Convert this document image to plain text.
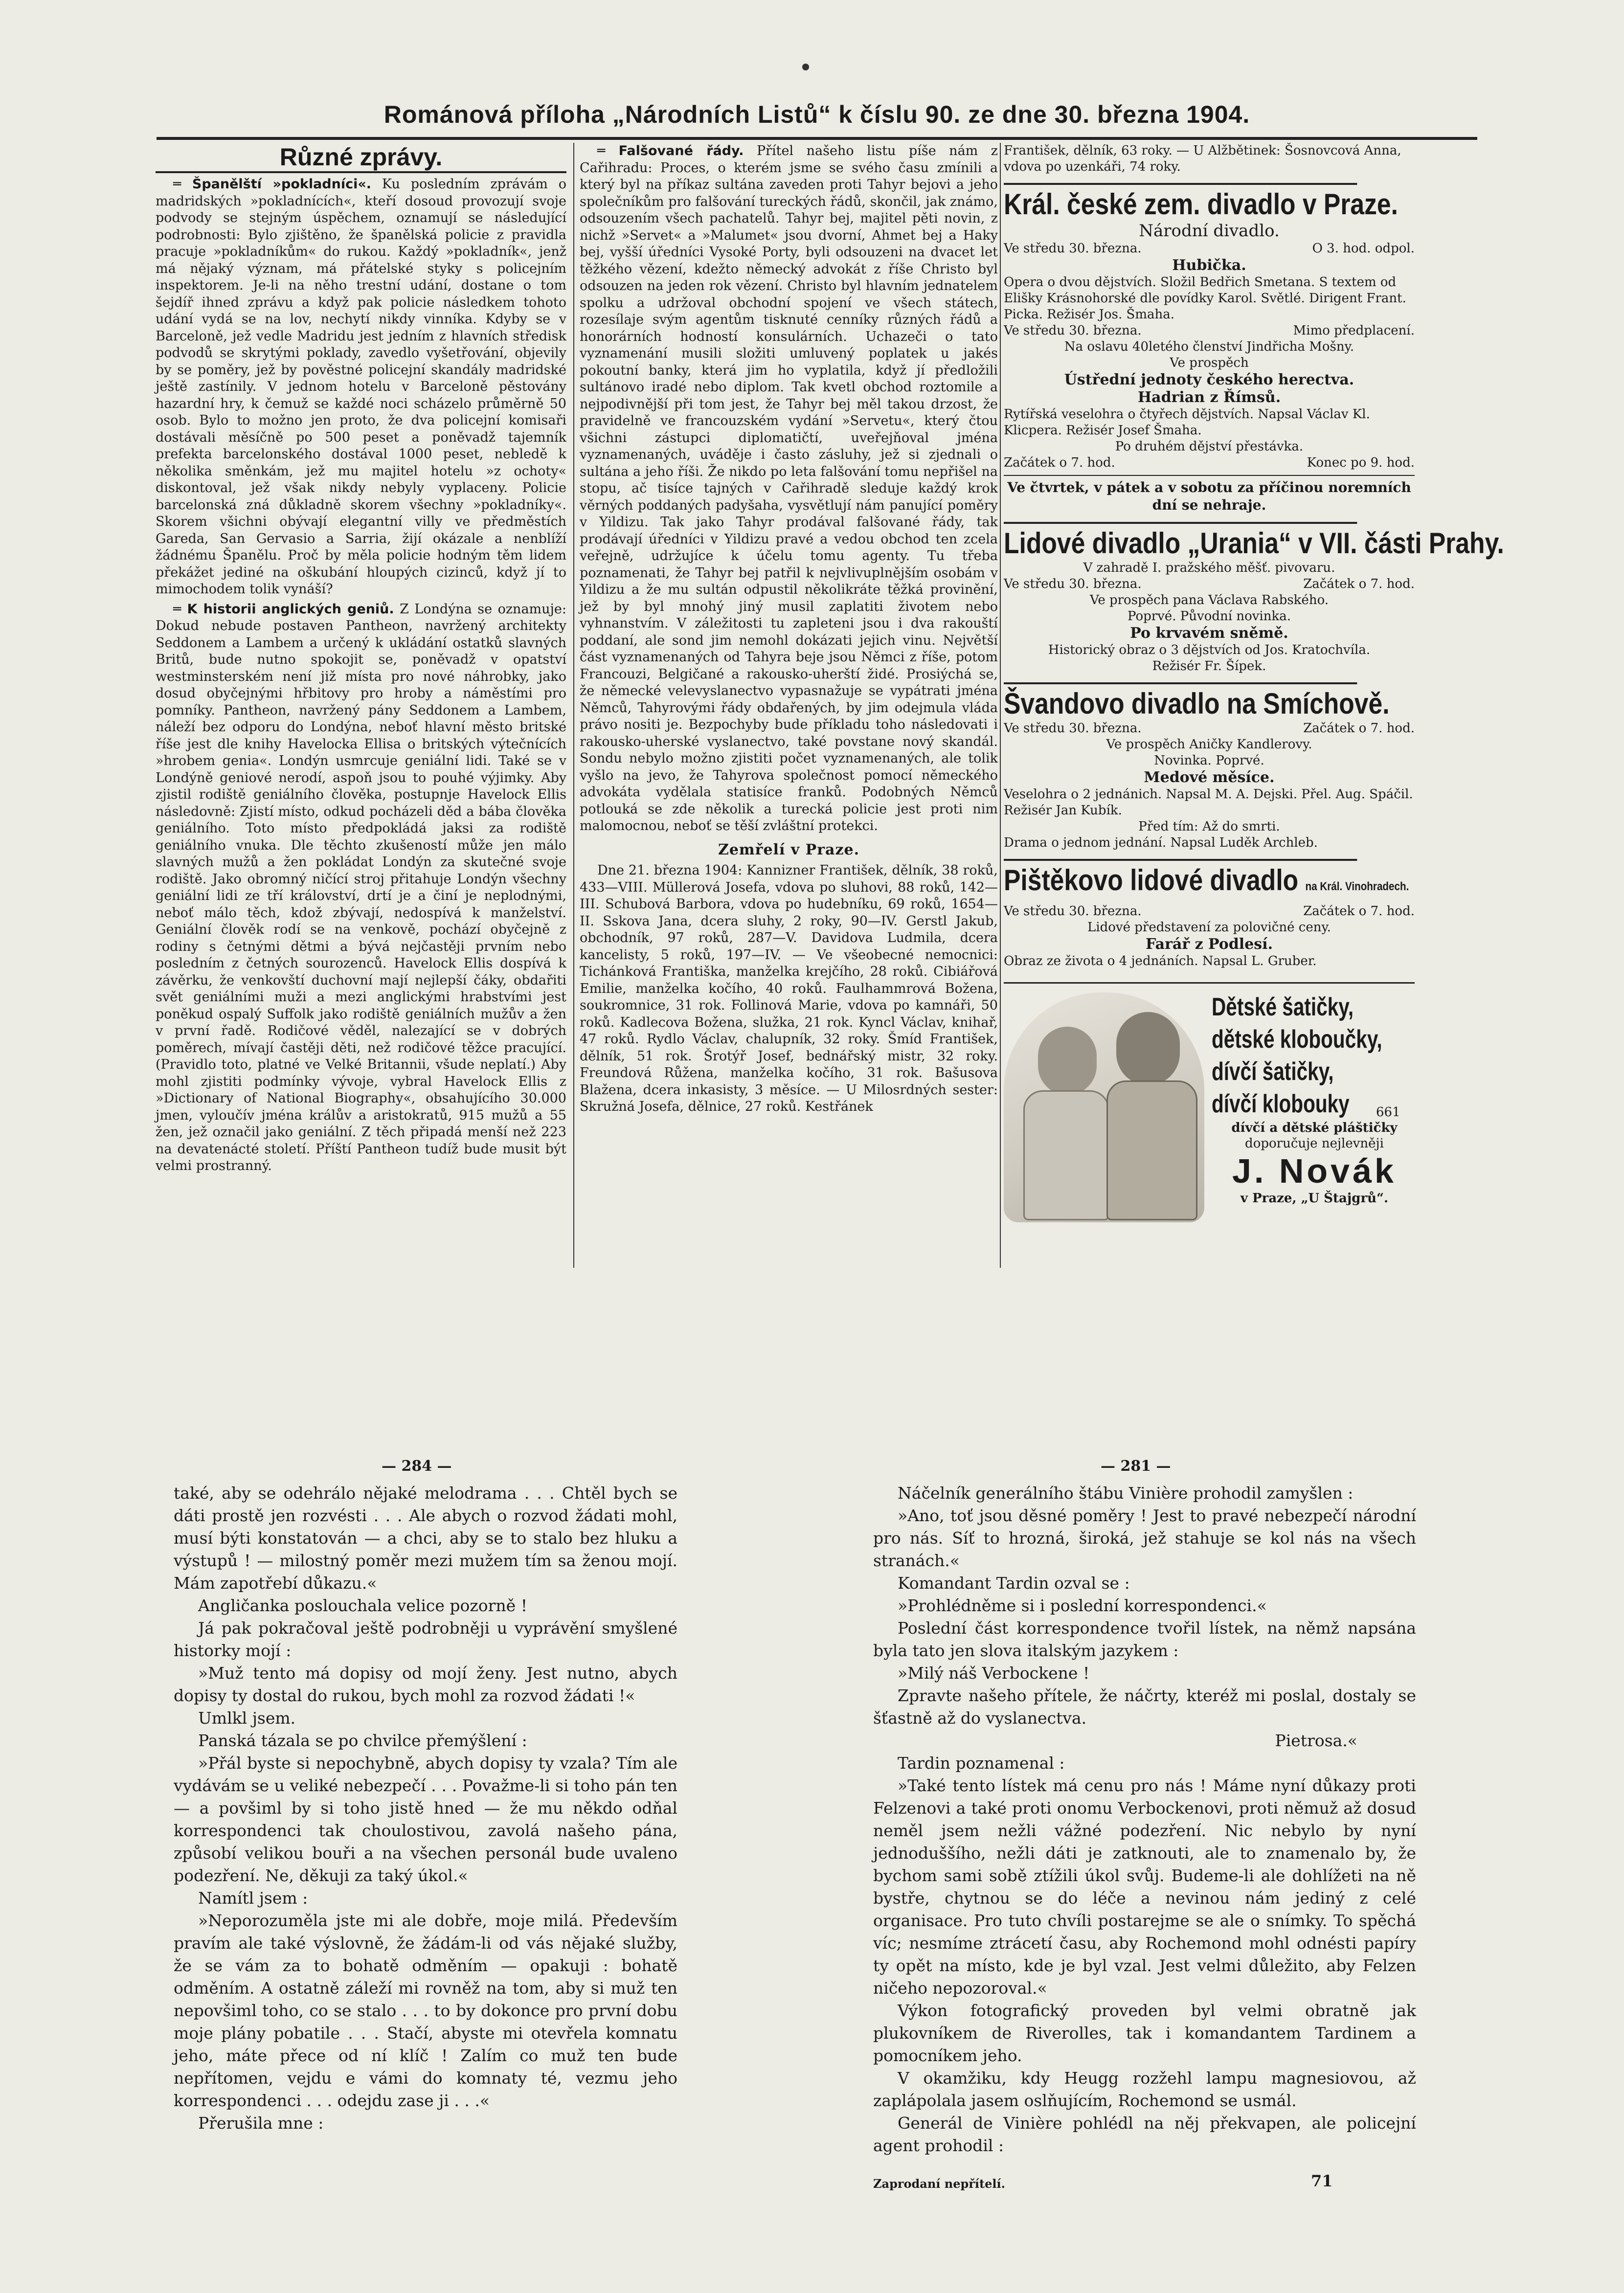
Románová příloha „Národních Listů“ k číslu 90. ze dne 30. března 1904.
Různé zprávy.

═ Španělští »pokladníci«. Ku posledním zprávám o madridských »pokladnících«, kteří dosoud provozují svoje podvody se stejným úspěchem, oznamují se následující podrobnosti: Bylo zjištěno, že španělská policie z pravidla pracuje »pokladníkům« do rukou. Každý »pokladník«, jenž má nějaký význam, má přátelské styky s policejním inspektorem. Je-li na něho trestní udání, dostane o tom šejdíř ihned zprávu a když pak policie následkem tohoto udání vydá se na lov, nechytí nikdy vinníka. Kdyby se v Barceloně, jež vedle Madridu jest jedním z hlavních středisk podvodů se skrytými poklady, zavedlo vyšetřování, objevily by se poměry, jež by pověstné policejní skandály madridské ještě zastínily. V jednom hotelu v Barceloně pěstovány hazardní hry, k čemuž se každé noci scházelo průměrně 50 osob. Bylo to možno jen proto, že dva policejní komisaři dostávali měsíčně po 500 peset a poněvadž tajemník prefekta barcelonského dostával 1000 peset, nebledě k několika směnkám, jež mu majitel hotelu »z ochoty« diskontoval, jež však nikdy nebyly vyplaceny. Policie barcelonská zná důkladně skorem všechny »pokladníky«. Skorem všichni obývají elegantní villy ve předměstích Gareda, San Gervasio a Sarria, žijí okázale a nenblíží žádnému Španělu. Proč by měla policie hodným těm lidem překážet jediné na oškubání hloupých cizinců, když jí to mimochodem tolik vynáší?

═ K historii anglických geniů. Z Londýna se oznamuje: Dokud nebude postaven Pantheon, navržený architekty Seddonem a Lambem a určený k ukládání ostatků slavných Britů, bude nutno spokojit se, poněvadž v opatství westminsterském není již místa pro nové náhrobky, jako dosud obyčejnými hřbitovy pro hroby a náměstími pro pomníky. Pantheon, navržený pány Seddonem a Lambem, náleží bez odporu do Londýna, neboť hlavní město britské říše jest dle knihy Havelocka Ellisa o britských výtečnících »hrobem genia«. Londýn usmrcuje geniální lidi. Také se v Londýně geniové nerodí, aspoň jsou to pouhé výjimky. Aby zjistil rodiště geniálního člověka, postupnje Havelock Ellis následovně: Zjistí místo, odkud pocházeli děd a bába člověka geniálního. Toto místo předpokládá jaksi za rodiště geniálního vnuka. Dle těchto zkušeností může jen málo slavných mužů a žen pokládat Londýn za skutečné svoje rodiště. Jako obromný ničící stroj přitahuje Londýn všechny geniální lidi ze tří království, drtí je a činí je neplodnými, neboť málo těch, kdož zbývají, nedospívá k manželství. Geniální člověk rodí se na venkově, pochází obyčejně z rodiny s četnými dětmi a bývá nejčastěji prvním nebo posledním z četných sourozenců. Havelock Ellis dospívá k závěrku, že venkovští duchovní mají nejlepší čáky, obdařiti svět geniálními muži a mezi anglickými hrabstvími jest poněkud ospalý Suffolk jako rodiště geniálních mužův a žen v první řadě. Rodičové věděl, nalezající se v dobrých poměrech, mívají častěji děti, než rodičové těžce pracující. (Pravidlo toto, platné ve Velké Britannii, všude neplatí.) Aby mohl zjistiti podmínky vývoje, vybral Havelock Ellis z »Dictionary of National Biography«, obsahujícího 30.000 jmen, vyloučív jména králův a aristokratů, 915 mužů a 55 žen, jež označil jako geniální. Z těch připadá menší než 223 na devatenácté století. Příští Pantheon tudíž bude musit být velmi prostranný.

═ Falšované řády. Přítel našeho listu píše nám z Cařihradu: Proces, o kterém jsme se svého času zmínili a který byl na příkaz sultána zaveden proti Tahyr bejovi a jeho společníkům pro falšování tureckých řádů, skončil, jak známo, odsouzením všech pachatelů. Tahyr bej, majitel pěti novin, z nichž »Servet« a »Malumet« jsou dvorní, Ahmet bej a Haky bej, vyšší úředníci Vysoké Porty, byli odsouzeni na dvacet let těžkého vězení, kdežto německý advokát z říše Christo byl odsouzen na jeden rok vězení. Christo byl hlavním jednatelem spolku a udržoval obchodní spojení ve všech státech, rozesílaje svým agentům tisknuté cenníky různých řádů a honorárních hodností konsulárních. Uchazeči o tato vyznamenání musili složiti umluvený poplatek u jakés pokoutní banky, která jim ho vyplatila, když jí předložili sultánovo iradé nebo diplom. Tak kvetl obchod roztomile a nejpodivnější při tom jest, že Tahyr bej měl takou drzost, že pravidelně ve francouzském vydání »Servetu«, který čtou všichni zástupci diplomatičtí, uveřejňoval jména vyznamenaných, uváděje i často zásluhy, jež si zjednali o sultána a jeho říši. Že nikdo po leta falšování tomu nepřišel na stopu, ač tisíce tajných v Cařihradě sleduje každý krok věrných poddaných padyšaha, vysvětlují nám panující poměry v Yildizu. Tak jako Tahyr prodával falšované řády, tak prodávají úředníci v Yildizu pravé a vedou obchod ten zcela veřejně, udržujíce k účelu tomu agenty. Tu třeba poznamenati, že Tahyr bej patřil k nejvlivuplnějším osobám v Yildizu a že mu sultán odpustil několikráte těžká provinění, jež by byl mnohý jiný musil zaplatiti životem nebo vyhnanstvím. V záležitosti tu zapleteni jsou i dva rakouští poddaní, ale sond jim nemohl dokázati jejich vinu. Největší část vyznamenaných od Tahyra beje jsou Němci z říše, potom Francouzi, Belgičané a rakousko-uherští židé. Prosiýchá se, že německé velevyslanectvo vypasnažuje se vypátrati jména Němců, Tahyrovými řády obdařených, by jim odejmula vláda právo nositi je. Bezpochyby bude příkladu toho následovati i rakousko-uherské vyslanectvo, také povstane nový skandál. Sondu nebylo možno zjistiti počet vyznamenaných, ale tolik vyšlo na jevo, že Tahyrova společnost pomocí německého advokáta vydělala statisíce franků. Podobných Němců potlouká se zde několik a turecká policie jest proti nim malomocnou, neboť se těší zvláštní protekci.

Zemřelí v Praze.

Dne 21. března 1904: Kannizner František, dělník, 38 roků, 433—VIII. Müllerová Josefa, vdova po sluhovi, 88 roků, 142—III. Schubová Barbora, vdova po hudebníku, 69 roků, 1654—II. Sskova Jana, dcera sluhy, 2 roky, 90—IV. Gerstl Jakub, obchodník, 97 roků, 287—V. Davidova Ludmila, dcera kancelisty, 5 roků, 197—IV. — Ve všeobecné nemocnici: Tichánková Františka, manželka krejčího, 28 roků. Cibiářová Emilie, manželka kočího, 40 roků. Faulhammrová Božena, soukromnice, 31 rok. Follinová Marie, vdova po kamnáři, 50 roků. Kadlecova Božena, služka, 21 rok. Kyncl Václav, knihař, 47 roků. Rydlo Václav, chalupník, 32 roky. Šmíd František, dělník, 51 rok. Šrotýř Josef, bednářský mistr, 32 roky. Freundová Růžena, manželka kočího, 31 rok. Bašusova Blažena, dcera inkasisty, 3 měsíce. — U Milosrdných sester: Skružná Josefa, dělnice, 27 roků. Kestřánek

František, dělník, 63 roky. — U Alžbětinek: Šosnovcová Anna, vdova po uzenkáři, 74 roky.
Král. české zem. divadlo v Praze.
Národní divadlo.
Ve středu 30. března.	O 3. hod. odpol.
Hubička.
Opera o dvou dějstvích. Složil Bedřich Smetana. S textem od Elišky Krásnohorské dle povídky Karol. Světlé. Dirigent Frant. Picka. Režisér Jos. Šmaha.
Ve středu 30. března.	Mimo předplacení.
Na oslavu 40letého členství Jindřicha Mošny.
Ve prospěch
Ústřední jednoty českého herectva.
Hadrian z Římsů.
Rytířská veselohra o čtyřech dějstvích. Napsal Václav Kl. Klicpera. Režisér Josef Šmaha.
Po druhém dějství přestávka.
Začátek o 7. hod.	Konec po 9. hod.
Ve čtvrtek, v pátek a v sobotu za příčinou noremních dní se nehraje.
Lidové divadlo „Urania“ v VII. části Prahy.
V zahradě I. pražského měšť. pivovaru.
Ve středu 30. března.	Začátek o 7. hod.
Ve prospěch pana Václava Rabského.
Poprvé. Původní novinka.
Po krvavém sněmě.
Historický obraz o 3 dějstvích od Jos. Kratochvíla.
Režisér Fr. Šípek.
Švandovo divadlo na Smíchově.
Ve středu 30. března.	Začátek o 7. hod.
Ve prospěch Aničky Kandlerovy.
Novinka. Poprvé.
Medové měsíce.
Veselohra o 2 jednánich. Napsal M. A. Dejski. Přel. Aug. Spáčil. Režisér Jan Kubík.
Před tím: Až do smrti.
Drama o jednom jednání. Napsal Luděk Archleb.
Pištěkovo lidové divadlo na Král. Vinohradech.
Ve středu 30. března.	Začátek o 7. hod.
Lidové představení za polovičné ceny.
Farář z Podlesí.
Obraz ze života o 4 jednáních. Napsal L. Gruber.
Dětské šatičky,
dětské kloboučky,
dívčí šatičky,
dívčí klobouky 661
dívčí a dětské pláštičky
doporučuje nejlevněji
J. Novák
v Praze, „U Štajgrů“.
— 284 —	— 281 —

také, aby se odehrálo nějaké melodrama . . . Chtěl bych se dáti prostě jen rozvésti . . . Ale abych o rozvod žádati mohl, musí býti konstatován — a chci, aby se to stalo bez hluku a výstupů ! — milostný poměr mezi mužem tím sa ženou mojí. Mám zapotřebí důkazu.«

Angličanka poslouchala velice pozorně !

Já pak pokračoval ještě podrobněji u vyprávění smyšlené historky mojí :

»Muž tento má dopisy od mojí ženy. Jest nutno, abych dopisy ty dostal do rukou, bych mohl za rozvod žádati !«

Umlkl jsem.

Panská tázala se po chvilce přemýšlení :

»Přál byste si nepochybně, abych dopisy ty vzala? Tím ale vydávám se u veliké nebezpečí . . . Považme-li si toho pán ten — a povšiml by si toho jistě hned — že mu někdo odňal korrespondenci tak choulostivou, zavolá našeho pána, způsobí velikou bouři a na všechen personál bude uvaleno podezření. Ne, děkuji za taký úkol.«

Namítl jsem :

»Neporozuměla jste mi ale dobře, moje milá. Především pravím ale také výslovně, že žádám-li od vás nějaké služby, že se vám za to bohatě odměním — opakuji : bohatě odměním. A ostatně záleží mi rovněž na tom, aby si muž ten nepovšiml toho, co se stalo . . . to by dokonce pro první dobu moje plány pobatile . . . Stačí, abyste mi otevřela komnatu jeho, máte přece od ní klíč ! Zalím co muž ten bude nepřítomen, vejdu e vámi do komnaty té, vezmu jeho korrespondenci . . . odejdu zase ji . . .«

Přerušila mne :

Náčelník generálního štábu Vinière prohodil zamyšlen :

»Ano, toť jsou děsné poměry ! Jest to pravé nebezpečí národní pro nás. Síť to hrozná, široká, jež stahuje se kol nás na všech stranách.«

Komandant Tardin ozval se :

»Prohlédněme si i poslední korrespondenci.«

Poslední část korrespondence tvořil lístek, na němž napsána byla tato jen slova italským jazykem :

»Milý náš Verbockene !

Zpravte našeho přítele, že náčrty, kteréž mi poslal, dostaly se šťastně až do vyslanectva.

Pietrosa.«

Tardin poznamenal :

»Také tento lístek má cenu pro nás ! Máme nyní důkazy proti Felzenovi a také proti onomu Verbockenovi, proti němuž až dosud neměl jsem nežli vážné podezření. Nic nebylo by nyní jednoduššího, nežli dáti je zatknouti, ale to znamenalo by, že bychom sami sobě ztížili úkol svůj. Budeme-li ale dohlížeti na ně bystře, chytnou se do léče a nevinou nám jediný z celé organisace. Pro tuto chvíli postarejme se ale o snímky. To spěchá víc; nesmíme ztrácetí času, aby Rochemond mohl odnésti papíry ty opět na místo, kde je byl vzal. Jest velmi důležito, aby Felzen ničeho nepozoroval.«

Výkon fotografický proveden byl velmi obratně jak plukovníkem de Riverolles, tak i komandantem Tardinem a pomocníkem jeho.

V okamžiku, kdy Heugg rozžehl lampu magnesiovou, až zaplápolala jasem oslňujícím, Rochemond se usmál.

Generál de Vinière pohlédl na něj překvapen, ale policejní agent prohodil :

Zaprodaní nepřítelí.	71
